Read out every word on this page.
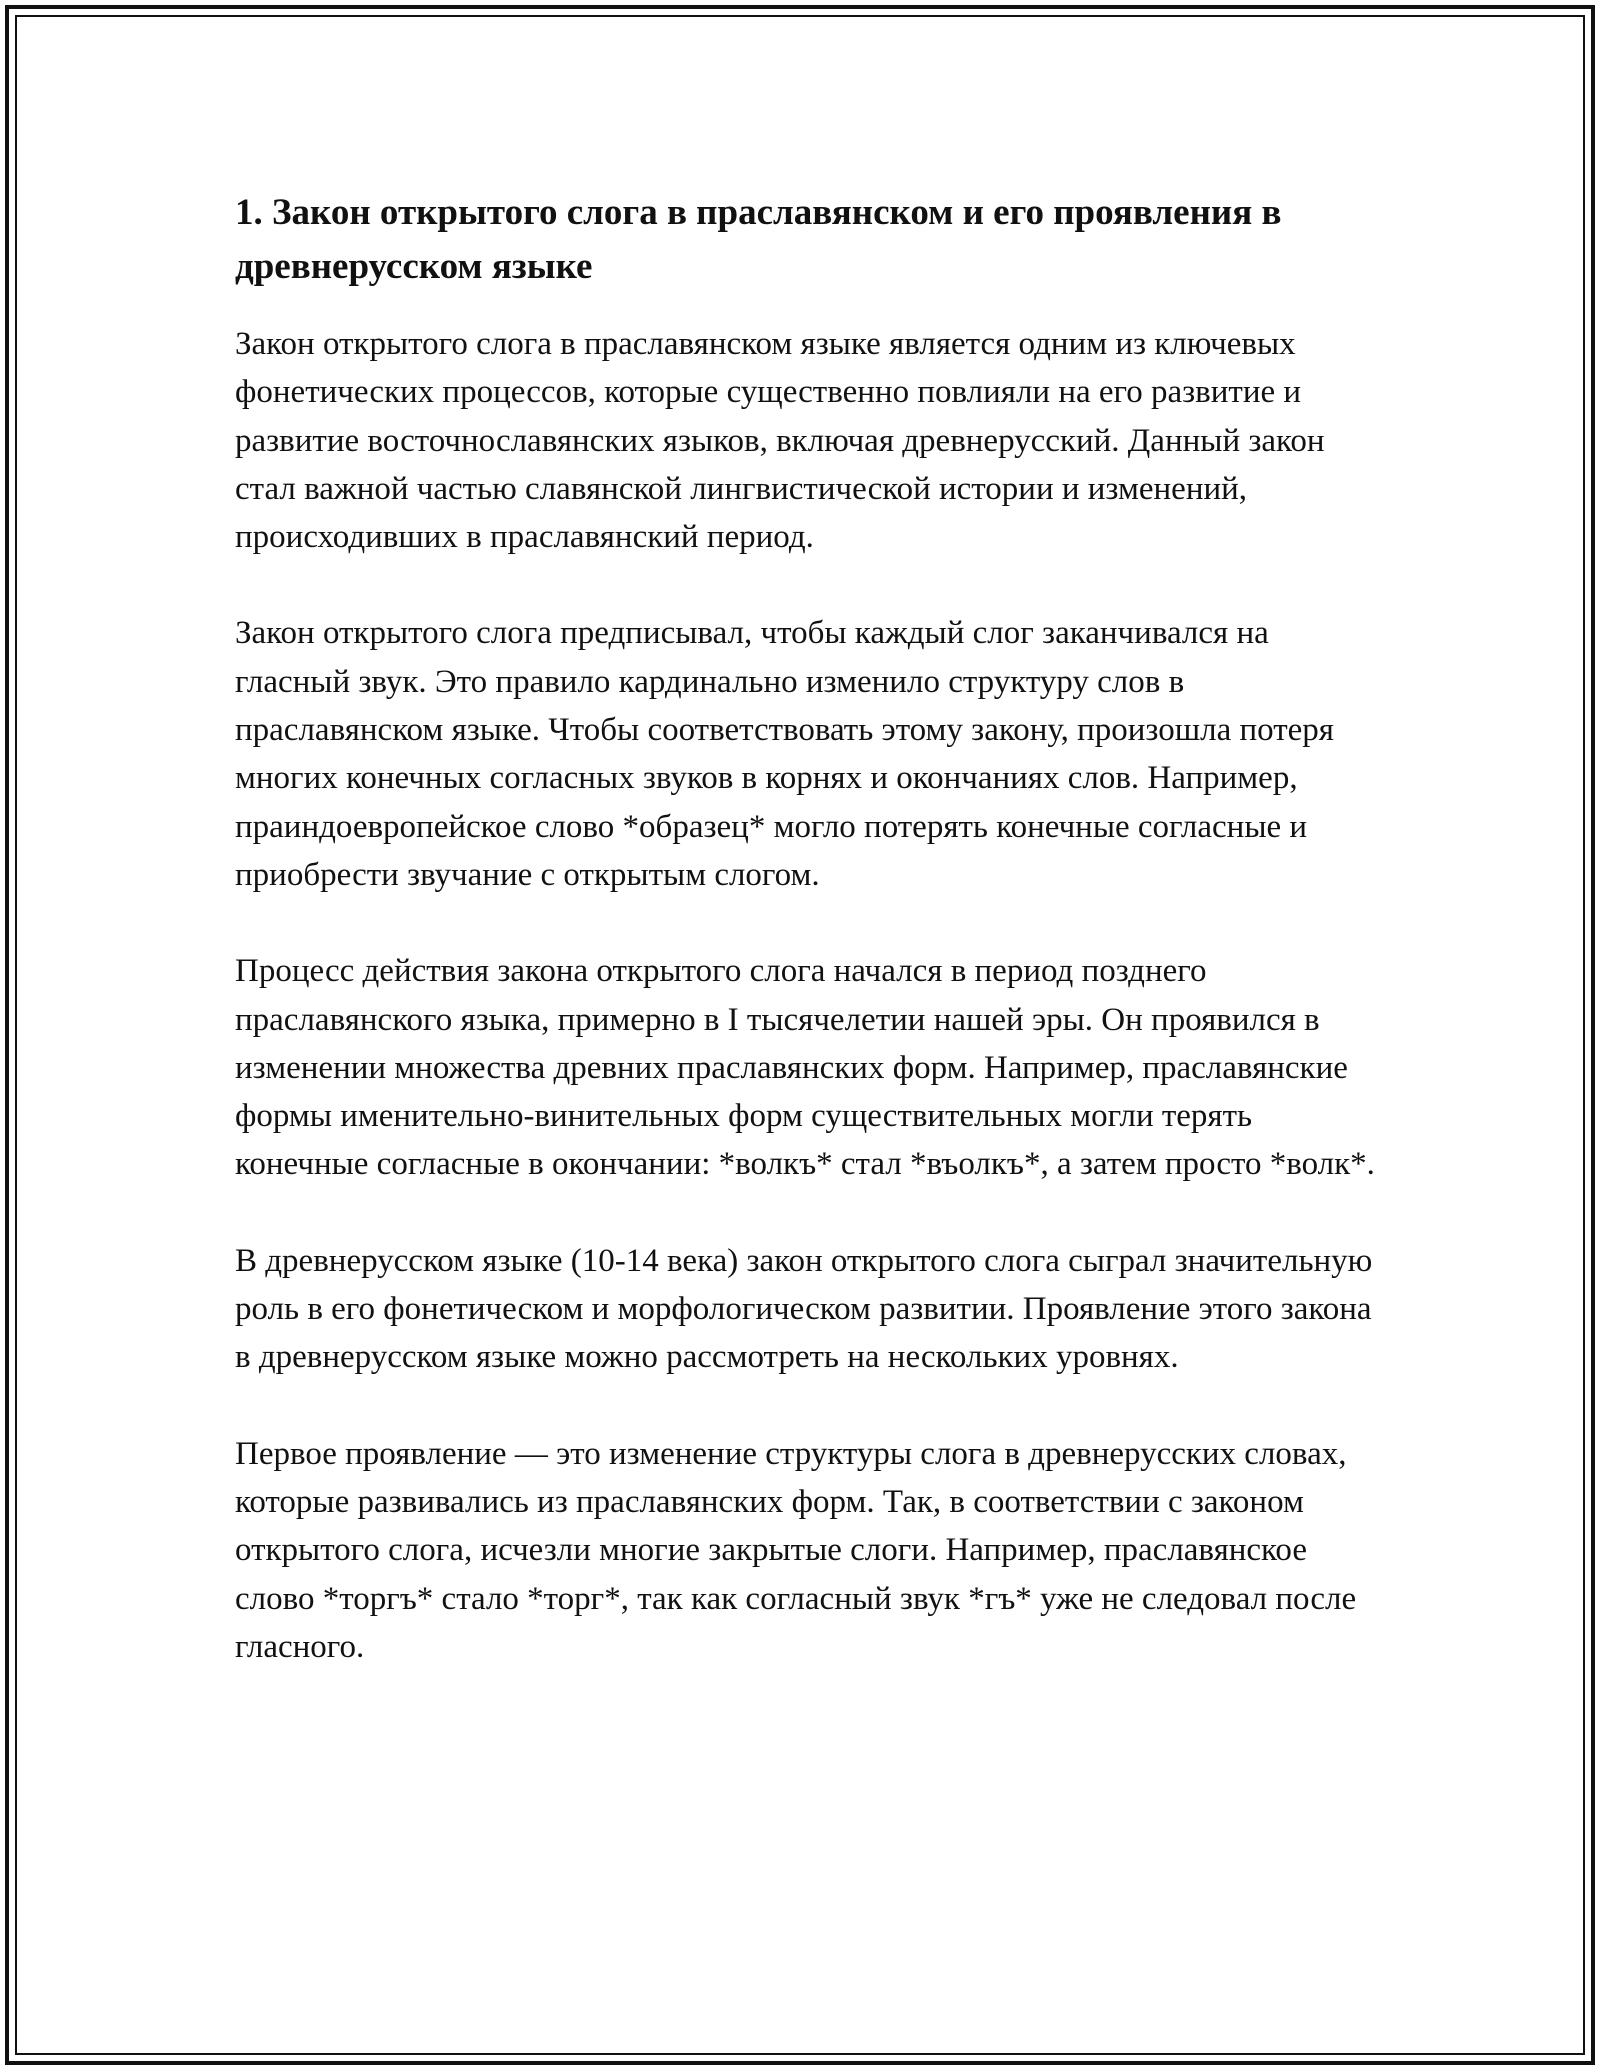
1. Закон открытого слога в праславянском и его проявления в древнерусском языке

Закон открытого слога в праславянском языке является одним из ключевых фонетических процессов, которые существенно повлияли на его развитие и развитие восточнославянских языков, включая древнерусский. Данный закон стал важной частью славянской лингвистической истории и изменений, происходивших в праславянский период.

Закон открытого слога предписывал, чтобы каждый слог заканчивался на гласный звук. Это правило кардинально изменило структуру слов в праславянском языке. Чтобы соответствовать этому закону, произошла потеря многих конечных согласных звуков в корнях и окончаниях слов. Например, праиндоевропейское слово *образец* могло потерять конечные согласные и приобрести звучание с открытым слогом.

Процесс действия закона открытого слога начался в период позднего праславянского языка, примерно в I тысячелетии нашей эры. Он проявился в изменении множества древних праславянских форм. Например, праславянские формы именительно-винительных форм существительных могли терять конечные согласные в окончании: *волкъ* стал *въолкъ*, а затем просто *волк*.

В древнерусском языке (10-14 века) закон открытого слога сыграл значительную роль в его фонетическом и морфологическом развитии. Проявление этого закона в древнерусском языке можно рассмотреть на нескольких уровнях.

Первое проявление — это изменение структуры слога в древнерусских словах, которые развивались из праславянских форм. Так, в соответствии с законом открытого слога, исчезли многие закрытые слоги. Например, праславянское слово *торгъ* стало *торг*, так как согласный звук *гъ* уже не следовал после гласного.
